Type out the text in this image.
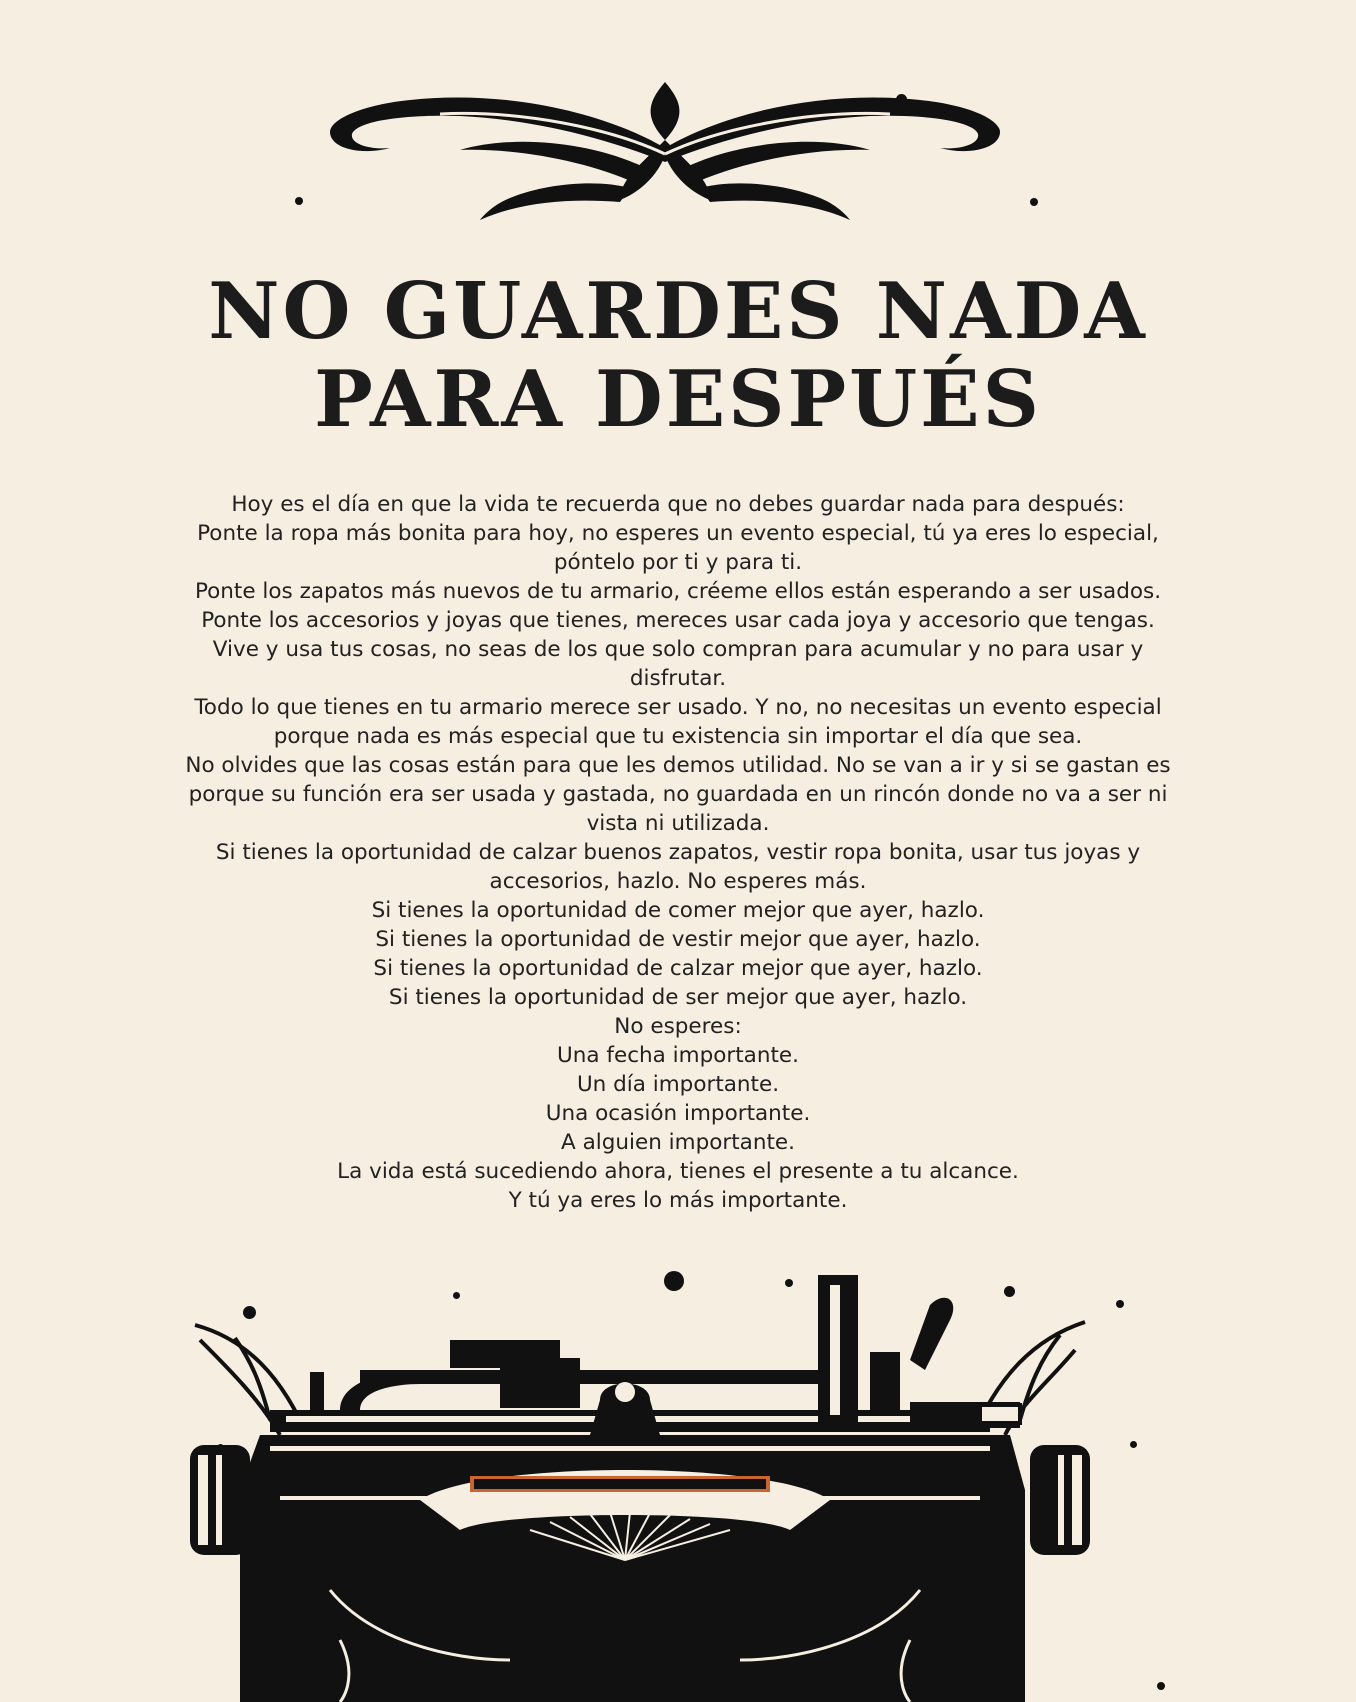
NO GUARDES NADA
PARA DESPUÉS
Hoy es el día en que la vida te recuerda que no debes guardar nada para después:
Ponte la ropa más bonita para hoy, no esperes un evento especial, tú ya eres lo especial,
póntelo por ti y para ti.
Ponte los zapatos más nuevos de tu armario, créeme ellos están esperando a ser usados.
Ponte los accesorios y joyas que tienes, mereces usar cada joya y accesorio que tengas.
Vive y usa tus cosas, no seas de los que solo compran para acumular y no para usar y
disfrutar.
Todo lo que tienes en tu armario merece ser usado. Y no, no necesitas un evento especial
porque nada es más especial que tu existencia sin importar el día que sea.
No olvides que las cosas están para que les demos utilidad. No se van a ir y si se gastan es
porque su función era ser usada y gastada, no guardada en un rincón donde no va a ser ni
vista ni utilizada.
Si tienes la oportunidad de calzar buenos zapatos, vestir ropa bonita, usar tus joyas y
accesorios, hazlo. No esperes más.
Si tienes la oportunidad de comer mejor que ayer, hazlo.
Si tienes la oportunidad de vestir mejor que ayer, hazlo.
Si tienes la oportunidad de calzar mejor que ayer, hazlo.
Si tienes la oportunidad de ser mejor que ayer, hazlo.
No esperes:
Una fecha importante.
Un día importante.
Una ocasión importante.
A alguien importante.
La vida está sucediendo ahora, tienes el presente a tu alcance.
Y tú ya eres lo más importante.
